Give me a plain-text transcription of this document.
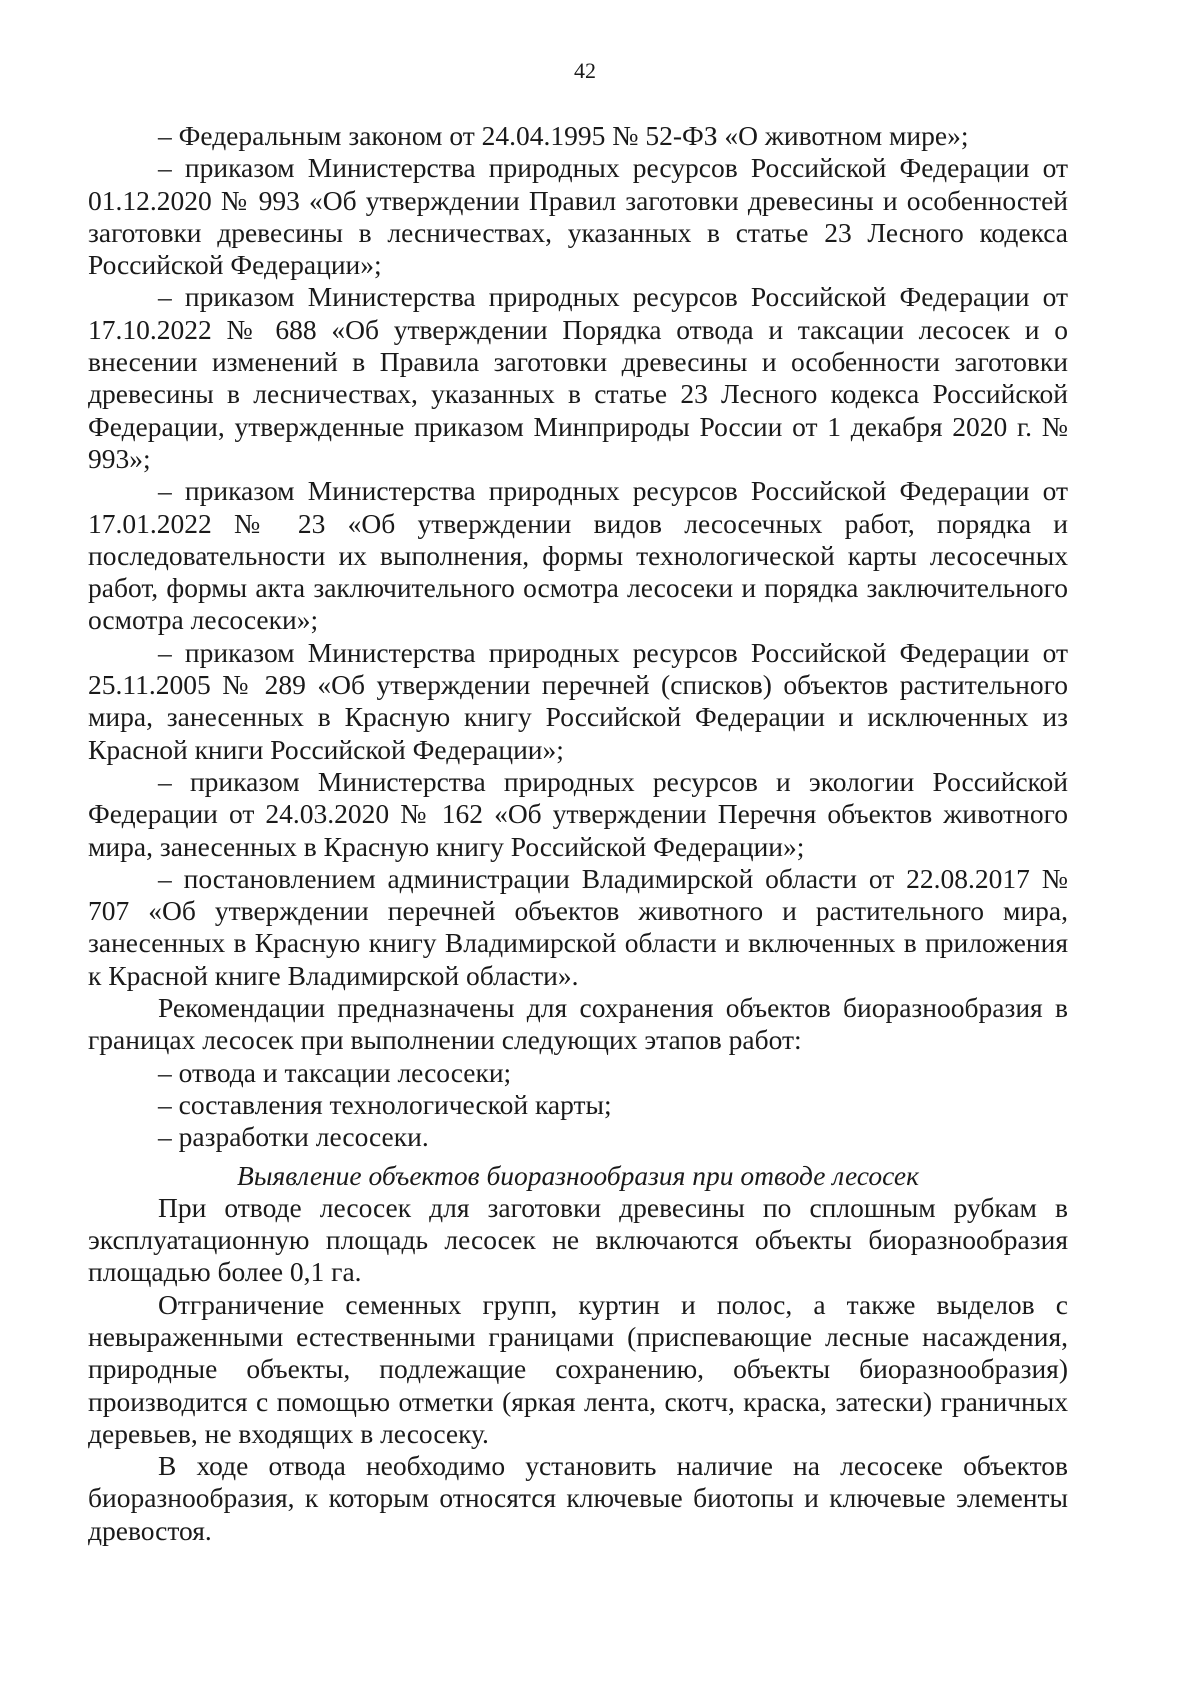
42

– Федеральным законом от 24.04.1995 № 52-ФЗ «О животном мире»;

– приказом Министерства природных ресурсов Российской Федерации от 01.12.2020 № 993 «Об утверждении Правил заготовки древесины и особенностей заготовки древесины в лесничествах, указанных в статье 23 Лесного кодекса Российской Федерации»;

– приказом Министерства природных ресурсов Российской Федерации от 17.10.2022 № 688 «Об утверждении Порядка отвода и таксации лесосек и о внесении изменений в Правила заготовки древесины и особенности заготовки древесины в лесничествах, указанных в статье 23 Лесного кодекса Российской Федерации, утвержденные приказом Минприроды России от 1 декабря 2020 г. № 993»;

– приказом Министерства природных ресурсов Российской Федерации от 17.01.2022 № 23 «Об утверждении видов лесосечных работ, порядка и последовательности их выполнения, формы технологической карты лесосечных работ, формы акта заключительного осмотра лесосеки и порядка заключительного осмотра лесосеки»;

– приказом Министерства природных ресурсов Российской Федерации от 25.11.2005 № 289 «Об утверждении перечней (списков) объектов растительного мира, занесенных в Красную книгу Российской Федерации и исключенных из Красной книги Российской Федерации»;

– приказом Министерства природных ресурсов и экологии Российской Федерации от 24.03.2020 № 162 «Об утверждении Перечня объектов животного мира, занесенных в Красную книгу Российской Федерации»;

– постановлением администрации Владимирской области от 22.08.2017 № 707 «Об утверждении перечней объектов животного и растительного мира, занесенных в Красную книгу Владимирской области и включенных в приложения к Красной книге Владимирской области».

Рекомендации предназначены для сохранения объектов биоразнообразия в границах лесосек при выполнении следующих этапов работ:

– отвода и таксации лесосеки;

– составления технологической карты;

– разработки лесосеки.

Выявление объектов биоразнообразия при отводе лесосек

При отводе лесосек для заготовки древесины по сплошным рубкам в эксплуатационную площадь лесосек не включаются объекты биоразнообразия площадью более 0,1 га.

Отграничение семенных групп, куртин и полос, а также выделов с невыраженными естественными границами (приспевающие лесные насаждения, природные объекты, подлежащие сохранению, объекты биоразнообразия) производится с помощью отметки (яркая лента, скотч, краска, затески) граничных деревьев, не входящих в лесосеку.

В ходе отвода необходимо установить наличие на лесосеке объектов биоразнообразия, к которым относятся ключевые биотопы и ключевые элементы древостоя.
